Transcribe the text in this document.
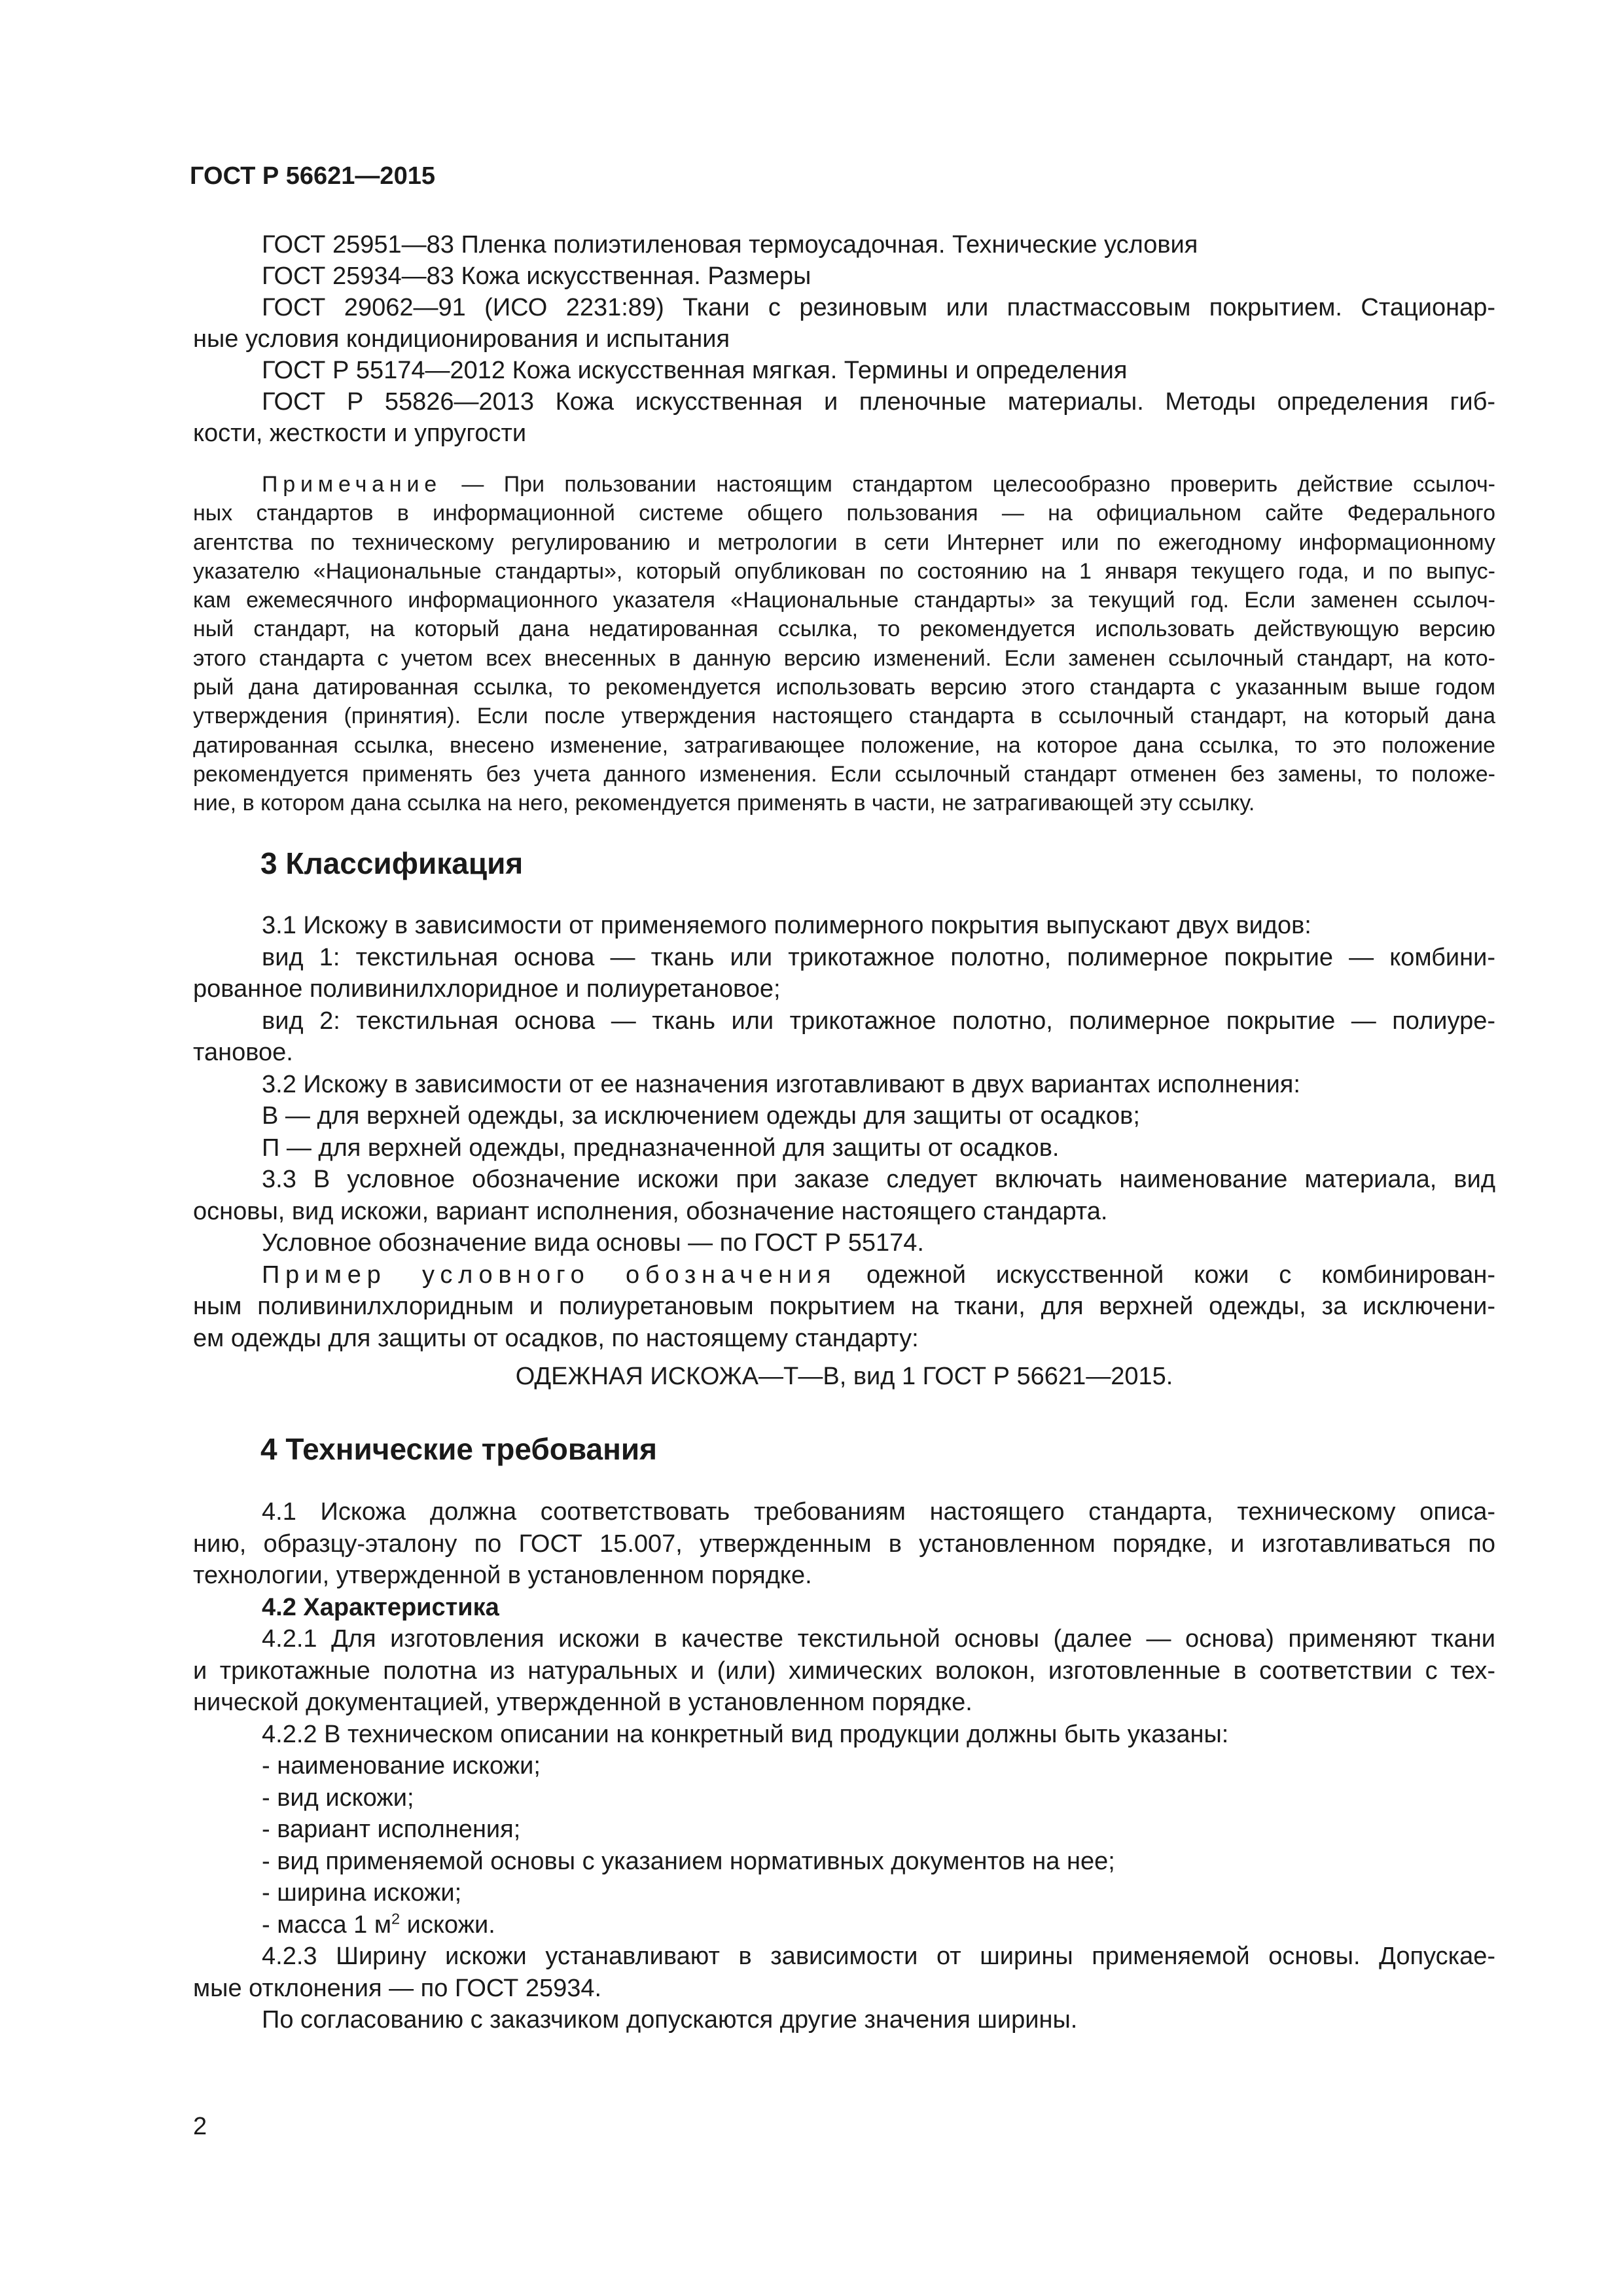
ГОСТ Р 56621—2015
ГОСТ 25951—83 Пленка полиэтиленовая термоусадочная. Технические условия
ГОСТ 25934—83 Кожа искусственная. Размеры
ГОСТ 29062—91 (ИСО 2231:89) Ткани с резиновым или пластмассовым покрытием. Стационар-
ные условия кондиционирования и испытания
ГОСТ Р 55174—2012 Кожа искусственная мягкая. Термины и определения
ГОСТ Р 55826—2013 Кожа искусственная и пленочные материалы. Методы определения гиб-
кости, жесткости и упругости
Примечание — При пользовании настоящим стандартом целесообразно проверить действие ссылоч-
ных стандартов в информационной системе общего пользования — на официальном сайте Федерального
агентства по техническому регулированию и метрологии в сети Интернет или по ежегодному информационному
указателю «Национальные стандарты», который опубликован по состоянию на 1 января текущего года, и по выпус-
кам ежемесячного информационного указателя «Национальные стандарты» за текущий год. Если заменен ссылоч-
ный стандарт, на который дана недатированная ссылка, то рекомендуется использовать действующую версию
этого стандарта с учетом всех внесенных в данную версию изменений. Если заменен ссылочный стандарт, на кото-
рый дана датированная ссылка, то рекомендуется использовать версию этого стандарта с указанным выше годом
утверждения (принятия). Если после утверждения настоящего стандарта в ссылочный стандарт, на который дана
датированная ссылка, внесено изменение, затрагивающее положение, на которое дана ссылка, то это положение
рекомендуется применять без учета данного изменения. Если ссылочный стандарт отменен без замены, то положе-
ние, в котором дана ссылка на него, рекомендуется применять в части, не затрагивающей эту ссылку.
3 Классификация
3.1 Искожу в зависимости от применяемого полимерного покрытия выпускают двух видов:
вид 1: текстильная основа — ткань или трикотажное полотно, полимерное покрытие — комбини-
рованное поливинилхлоридное и полиуретановое;
вид 2: текстильная основа — ткань или трикотажное полотно, полимерное покрытие — полиуре-
тановое.
3.2 Искожу в зависимости от ее назначения изготавливают в двух вариантах исполнения:
В — для верхней одежды, за исключением одежды для защиты от осадков;
П — для верхней одежды, предназначенной для защиты от осадков.
3.3 В условное обозначение искожи при заказе следует включать наименование материала, вид
основы, вид искожи, вариант исполнения, обозначение настоящего стандарта.
Условное обозначение вида основы — по ГОСТ Р 55174.
Пример условного обозначения одежной искусственной кожи с комбинирован-
ным поливинилхлоридным и полиуретановым покрытием на ткани, для верхней одежды, за исключени-
ем одежды для защиты от осадков, по настоящему стандарту:
ОДЕЖНАЯ ИСКОЖА—Т—В, вид 1 ГОСТ Р 56621—2015.
4 Технические требования
4.1 Искожа должна соответствовать требованиям настоящего стандарта, техническому описа-
нию, образцу-эталону по ГОСТ 15.007, утвержденным в установленном порядке, и изготавливаться по
технологии, утвержденной в установленном порядке.
4.2 Характеристика
4.2.1 Для изготовления искожи в качестве текстильной основы (далее — основа) применяют ткани
и трикотажные полотна из натуральных и (или) химических волокон, изготовленные в соответствии с тех-
нической документацией, утвержденной в установленном порядке.
4.2.2 В техническом описании на конкретный вид продукции должны быть указаны:
- наименование искожи;
- вид искожи;
- вариант исполнения;
- вид применяемой основы с указанием нормативных документов на нее;
- ширина искожи;
- масса 1 $м^2$ искожи.
4.2.3 Ширину искожи устанавливают в зависимости от ширины применяемой основы. Допускае-
мые отклонения — по ГОСТ 25934.
По согласованию с заказчиком допускаются другие значения ширины.
2
